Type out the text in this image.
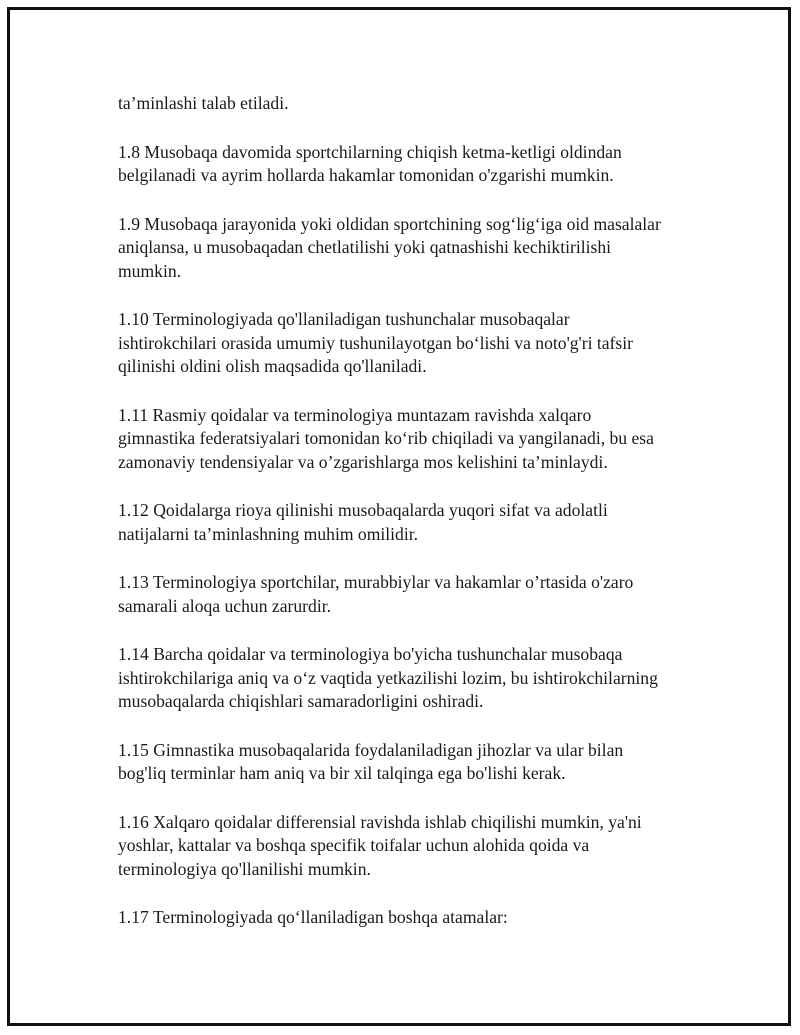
ta’minlashi talab etiladi.

1.8 Musobaqa davomida sportchilarning chiqish ketma-ketligi oldindan
belgilanadi va ayrim hollarda hakamlar tomonidan o'zgarishi mumkin.

1.9 Musobaqa jarayonida yoki oldidan sportchining sog‘lig‘iga oid masalalar
aniqlansa, u musobaqadan chetlatilishi yoki qatnashishi kechiktirilishi
mumkin.

1.10 Terminologiyada qo'llaniladigan tushunchalar musobaqalar
ishtirokchilari orasida umumiy tushunilayotgan bo‘lishi va noto'g'ri tafsir
qilinishi oldini olish maqsadida qo'llaniladi.

1.11 Rasmiy qoidalar va terminologiya muntazam ravishda xalqaro
gimnastika federatsiyalari tomonidan ko‘rib chiqiladi va yangilanadi, bu esa
zamonaviy tendensiyalar va o’zgarishlarga mos kelishini ta’minlaydi.

1.12 Qoidalarga rioya qilinishi musobaqalarda yuqori sifat va adolatli
natijalarni ta’minlashning muhim omilidir.

1.13 Terminologiya sportchilar, murabbiylar va hakamlar o’rtasida o'zaro
samarali aloqa uchun zarurdir.

1.14 Barcha qoidalar va terminologiya bo'yicha tushunchalar musobaqa
ishtirokchilariga aniq va o‘z vaqtida yetkazilishi lozim, bu ishtirokchilarning
musobaqalarda chiqishlari samaradorligini oshiradi.

1.15 Gimnastika musobaqalarida foydalaniladigan jihozlar va ular bilan
bog'liq terminlar ham aniq va bir xil talqinga ega bo'lishi kerak.

1.16 Xalqaro qoidalar differensial ravishda ishlab chiqilishi mumkin, ya'ni
yoshlar, kattalar va boshqa specifik toifalar uchun alohida qoida va
terminologiya qo'llanilishi mumkin.

1.17 Terminologiyada qo‘llaniladigan boshqa atamalar:
